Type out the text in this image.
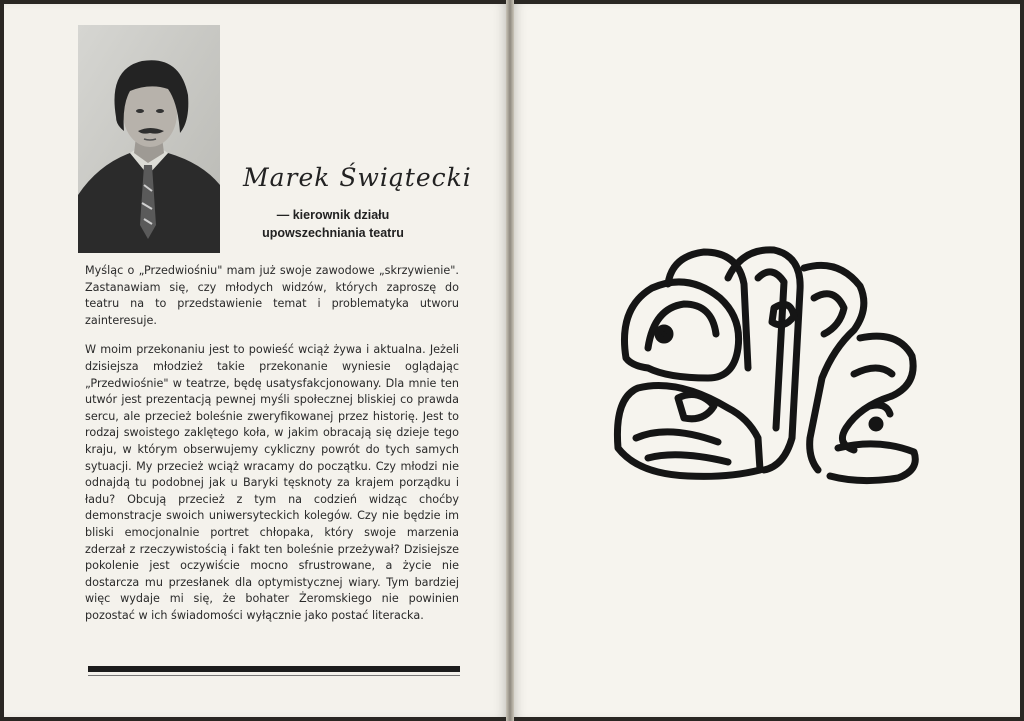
Marek Świątecki
— kierownik działu
upowszechniania teatru

Myśląc o „Przedwiośniu" mam już swoje zawodowe „skrzywienie". Zastanawiam się, czy młodych widzów, których zaproszę do teatru na to przedstawienie temat i problematyka utworu zainteresuje.

W moim przekonaniu jest to powieść wciąż żywa i aktualna. Jeżeli dzisiejsza młodzież takie przekonanie wyniesie oglądając „Przedwiośnie" w teatrze, będę usatysfakcjonowany. Dla mnie ten utwór jest prezentacją pewnej myśli społecznej bliskiej co prawda sercu, ale przecież boleśnie zweryfikowanej przez historię. Jest to rodzaj swoistego zaklętego koła, w jakim obracają się dzieje tego kraju, w którym obserwujemy cykliczny powrót do tych samych sytuacji. My przecież wciąż wracamy do początku. Czy młodzi nie odnajdą tu podobnej jak u Baryki tęsknoty za krajem porządku i ładu? Obcują przecież z tym na codzień widząc choćby demonstracje swoich uniwersyteckich kolegów. Czy nie będzie im bliski emocjonalnie portret chłopaka, który swoje marzenia zderzał z rzeczywistością i fakt ten boleśnie przeżywał? Dzisiejsze pokolenie jest oczywiście mocno sfrustrowane, a życie nie dostarcza mu przesłanek dla optymistycznej wiary. Tym bardziej więc wydaje mi się, że bohater Żeromskiego nie powinien pozostać w ich świadomości wyłącznie jako postać literacka.
